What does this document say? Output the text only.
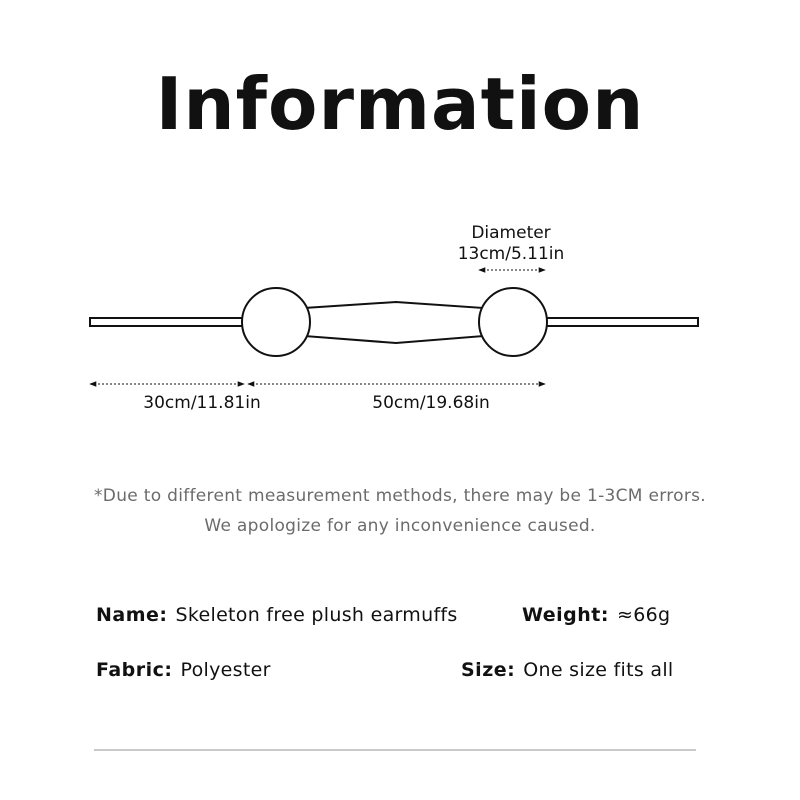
Information
Diameter
13cm/5.11in
30cm/11.81in	50cm/19.68in
*Due to different measurement methods, there may be 1-3CM errors.
We apologize for any inconvenience caused.
Name: Skeleton free plush earmuffs	Weight: ≈66g
Fabric: Polyester	Size: One size fits all
